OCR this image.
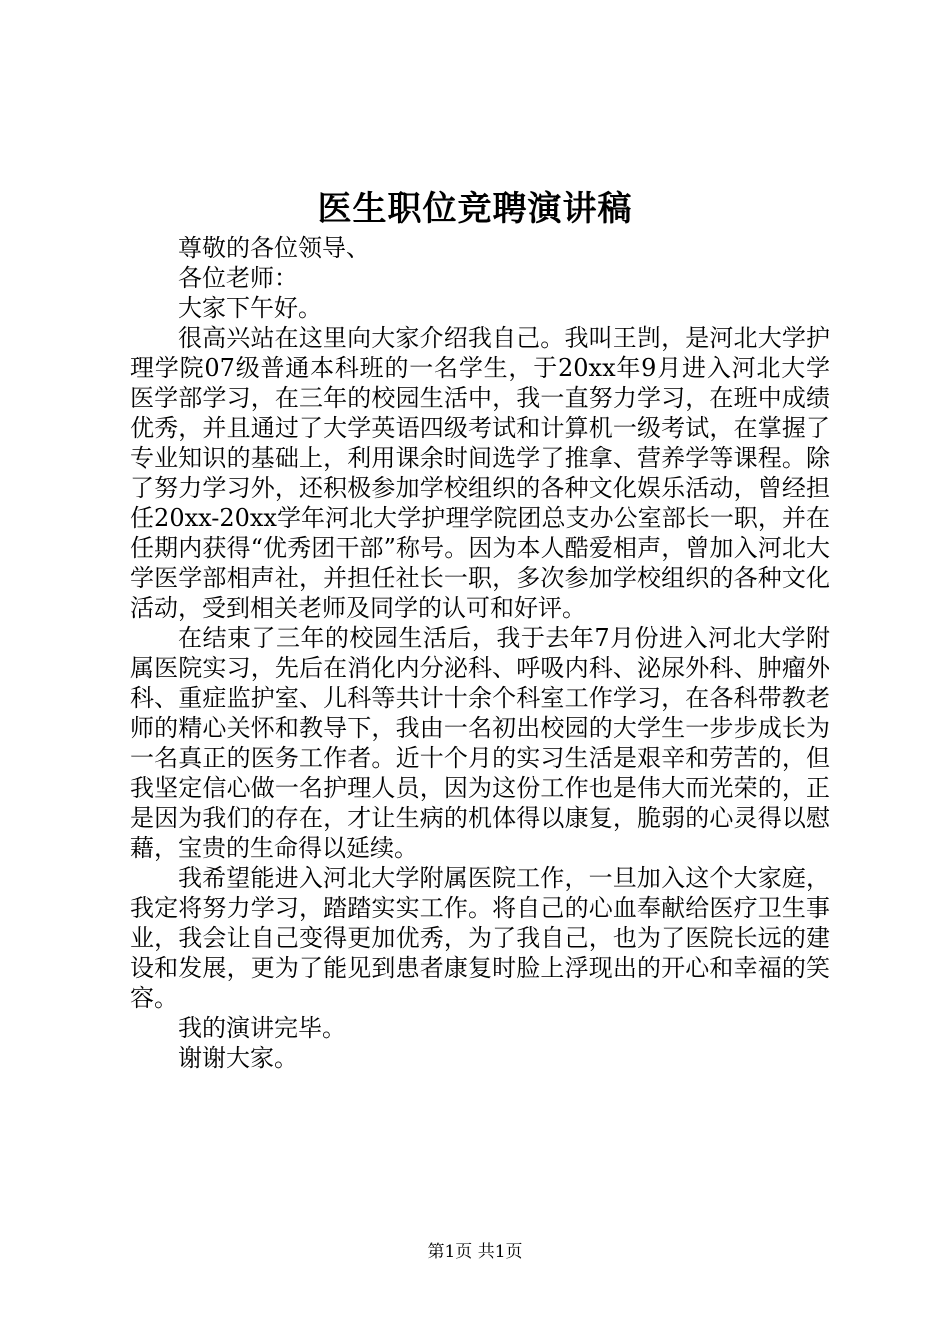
医生职位竞聘演讲稿

尊敬的各位领导、

各位老师：

大家下午好。

很高兴站在这里向大家介绍我自己。我叫王剀，是河北大学护理学院07级普通本科班的一名学生，于20xx年9月进入河北大学医学部学习，在三年的校园生活中，我一直努力学习，在班中成绩优秀，并且通过了大学英语四级考试和计算机一级考试，在掌握了专业知识的基础上，利用课余时间选学了推拿、营养学等课程。除了努力学习外，还积极参加学校组织的各种文化娱乐活动，曾经担任20xx-20xx学年河北大学护理学院团总支办公室部长一职，并在任期内获得“优秀团干部”称号。因为本人酷爱相声，曾加入河北大学医学部相声社，并担任社长一职，多次参加学校组织的各种文化活动，受到相关老师及同学的认可和好评。

在结束了三年的校园生活后，我于去年7月份进入河北大学附属医院实习，先后在消化内分泌科、呼吸内科、泌尿外科、肿瘤外科、重症监护室、儿科等共计十余个科室工作学习，在各科带教老师的精心关怀和教导下，我由一名初出校园的大学生一步步成长为一名真正的医务工作者。近十个月的实习生活是艰辛和劳苦的，但我坚定信心做一名护理人员，因为这份工作也是伟大而光荣的，正是因为我们的存在，才让生病的机体得以康复，脆弱的心灵得以慰藉，宝贵的生命得以延续。

我希望能进入河北大学附属医院工作，一旦加入这个大家庭，我定将努力学习，踏踏实实工作。将自己的心血奉献给医疗卫生事业，我会让自己变得更加优秀，为了我自己，也为了医院长远的建设和发展，更为了能见到患者康复时脸上浮现出的开心和幸福的笑容。

我的演讲完毕。

谢谢大家。

第1页 共1页
